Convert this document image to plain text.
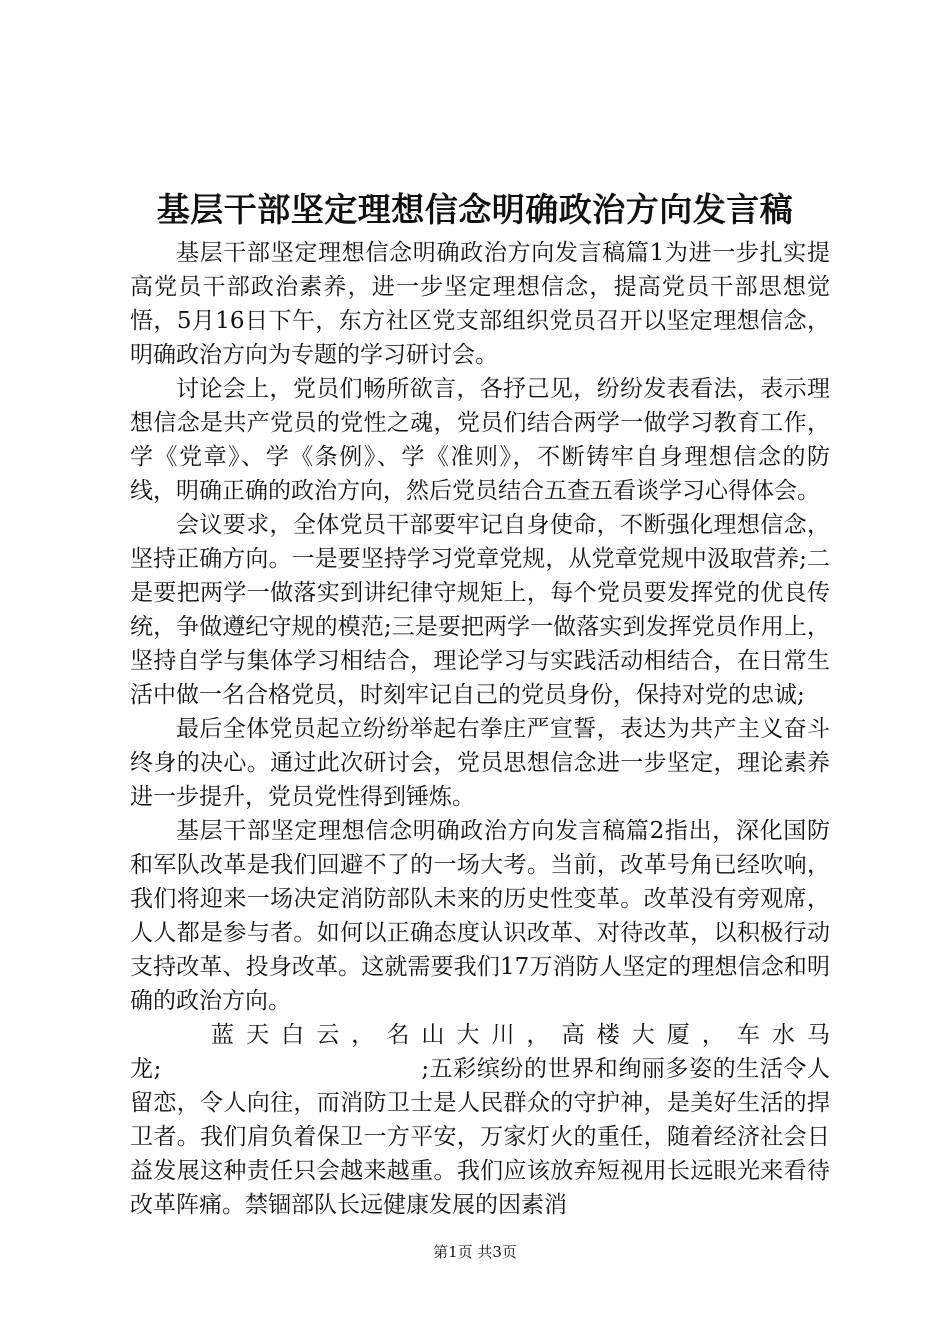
基层干部坚定理想信念明确政治方向发言稿

基层干部坚定理想信念明确政治方向发言稿篇1为进一步扎实提高党员干部政治素养，进一步坚定理想信念，提高党员干部思想觉悟，5月16日下午，东方社区党支部组织党员召开以坚定理想信念，明确政治方向为专题的学习研讨会。

讨论会上，党员们畅所欲言，各抒己见，纷纷发表看法，表示理想信念是共产党员的党性之魂，党员们结合两学一做学习教育工作，学《党章》、学《条例》、学《准则》，不断铸牢自身理想信念的防线，明确正确的政治方向，然后党员结合五查五看谈学习心得体会。

会议要求，全体党员干部要牢记自身使命，不断强化理想信念，坚持正确方向。一是要坚持学习党章党规，从党章党规中汲取营养;二是要把两学一做落实到讲纪律守规矩上，每个党员要发挥党的优良传统，争做遵纪守规的模范;三是要把两学一做落实到发挥党员作用上，坚持自学与集体学习相结合，理论学习与实践活动相结合，在日常生活中做一名合格党员，时刻牢记自己的党员身份，保持对党的忠诚;

最后全体党员起立纷纷举起右拳庄严宣誓，表达为共产主义奋斗终身的决心。通过此次研讨会，党员思想信念进一步坚定，理论素养进一步提升，党员党性得到锤炼。

基层干部坚定理想信念明确政治方向发言稿篇2指出，深化国防和军队改革是我们回避不了的一场大考。当前，改革号角已经吹响，我们将迎来一场决定消防部队未来的历史性变革。改革没有旁观席，人人都是参与者。如何以正确态度认识改革、对待改革，以积极行动支持改革、投身改革。这就需要我们17万消防人坚定的理想信念和明确的政治方向。

　蓝天白云，名山大川，高楼大厦，车水马龙;　　　　　　　　　　　;五彩缤纷的世界和绚丽多姿的生活令人留恋，令人向往，而消防卫士是人民群众的守护神，是美好生活的捍卫者。我们肩负着保卫一方平安，万家灯火的重任，随着经济社会日益发展这种责任只会越来越重。我们应该放弃短视用长远眼光来看待改革阵痛。禁锢部队长远健康发展的因素消

第1页 共3页
